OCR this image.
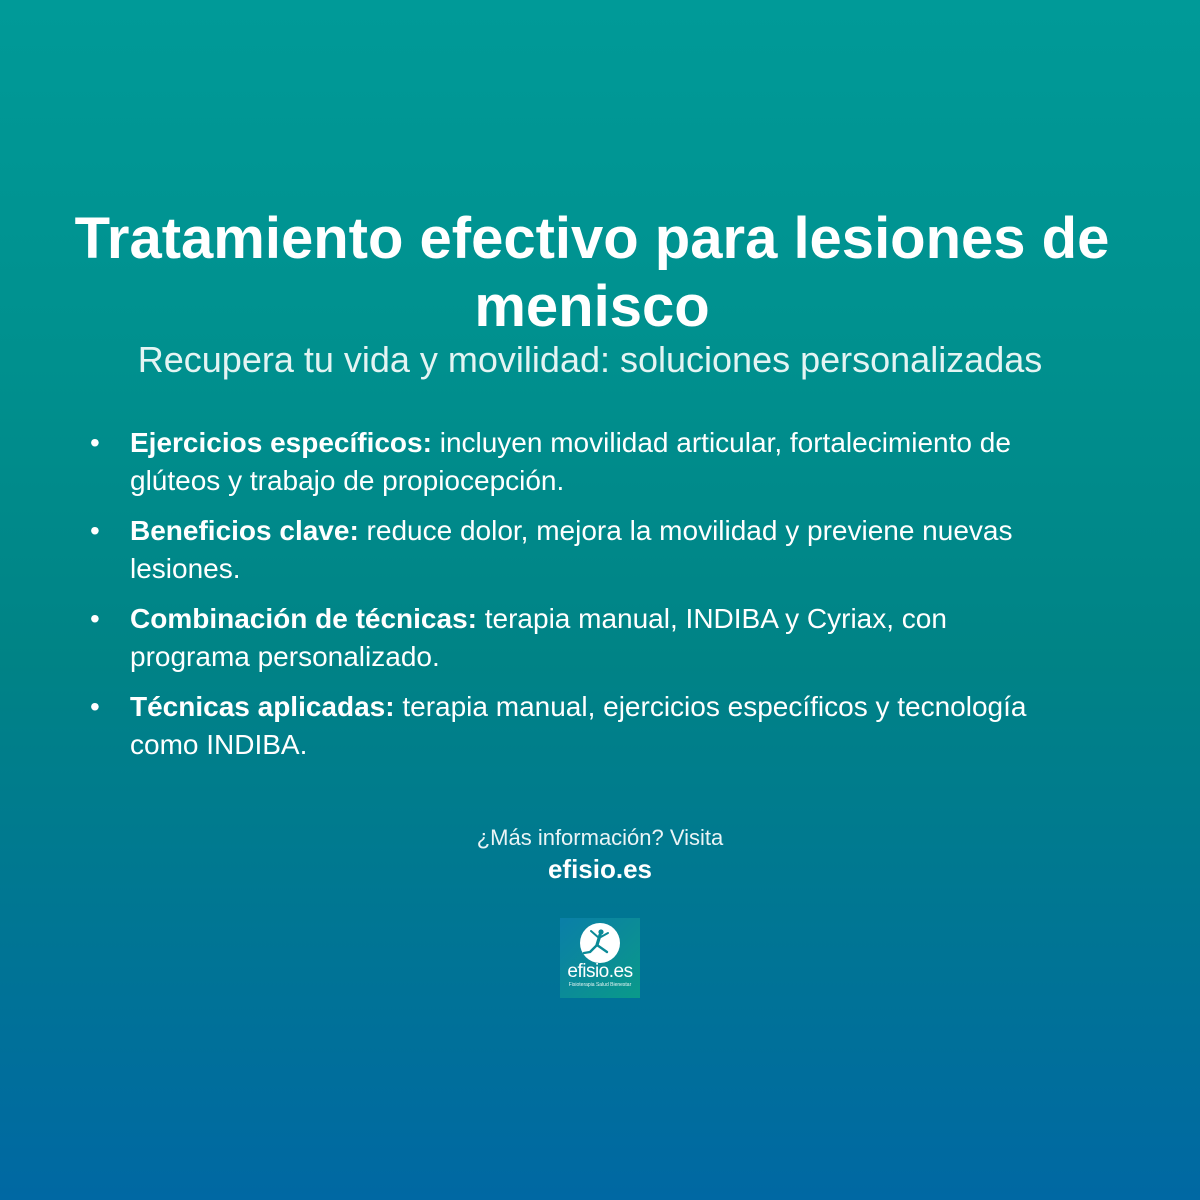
Tratamiento efectivo para lesiones de
menisco

Recupera tu vida y movilidad: soluciones personalizadas

• Ejercicios específicos: incluyen movilidad articular, fortalecimiento de glúteos y trabajo de propiocepción.
• Beneficios clave: reduce dolor, mejora la movilidad y previene nuevas lesiones.
• Combinación de técnicas: terapia manual, INDIBA y Cyriax, con programa personalizado.
• Técnicas aplicadas: terapia manual, ejercicios específicos y tecnología como INDIBA.
¿Más información? Visita
efisio.es
efisio.es
Fisioterapia Salud Bienestar
